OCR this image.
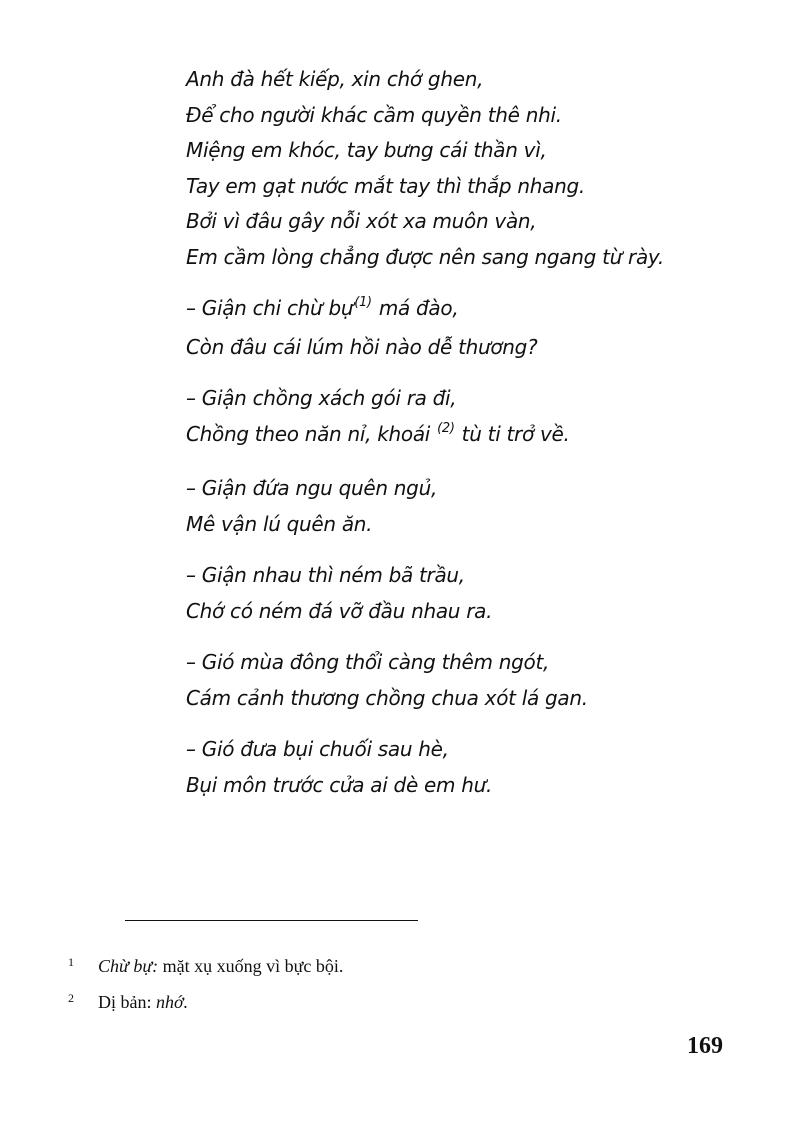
Anh đà hết kiếp, xin chớ ghen,
Để cho người khác cầm quyền thê nhi.
Miệng em khóc, tay bưng cái thần vì,
Tay em gạt nước mắt tay thì thắp nhang.
Bởi vì đâu gây nỗi xót xa muôn vàn,
Em cầm lòng chẳng được nên sang ngang từ rày.
– Giận chi chừ bự$^{(1)}$ má đào,
Còn đâu cái lúm hồi nào dễ thương?
– Giận chồng xách gói ra đi,
Chồng theo năn nỉ, khoái $^{(2)}$ tù ti trở về.
– Giận đứa ngu quên ngủ,
Mê vận lú quên ăn.
– Giận nhau thì ném bã trầu,
Chớ có ném đá vỡ đầu nhau ra.
– Gió mùa đông thổi càng thêm ngót,
Cám cảnh thương chồng chua xót lá gan.
– Gió đưa bụi chuối sau hè,
Bụi môn trước cửa ai dè em hư.
1 Chừ bự: mặt xụ xuống vì bực bội.
2 Dị bản: nhớ.
169
